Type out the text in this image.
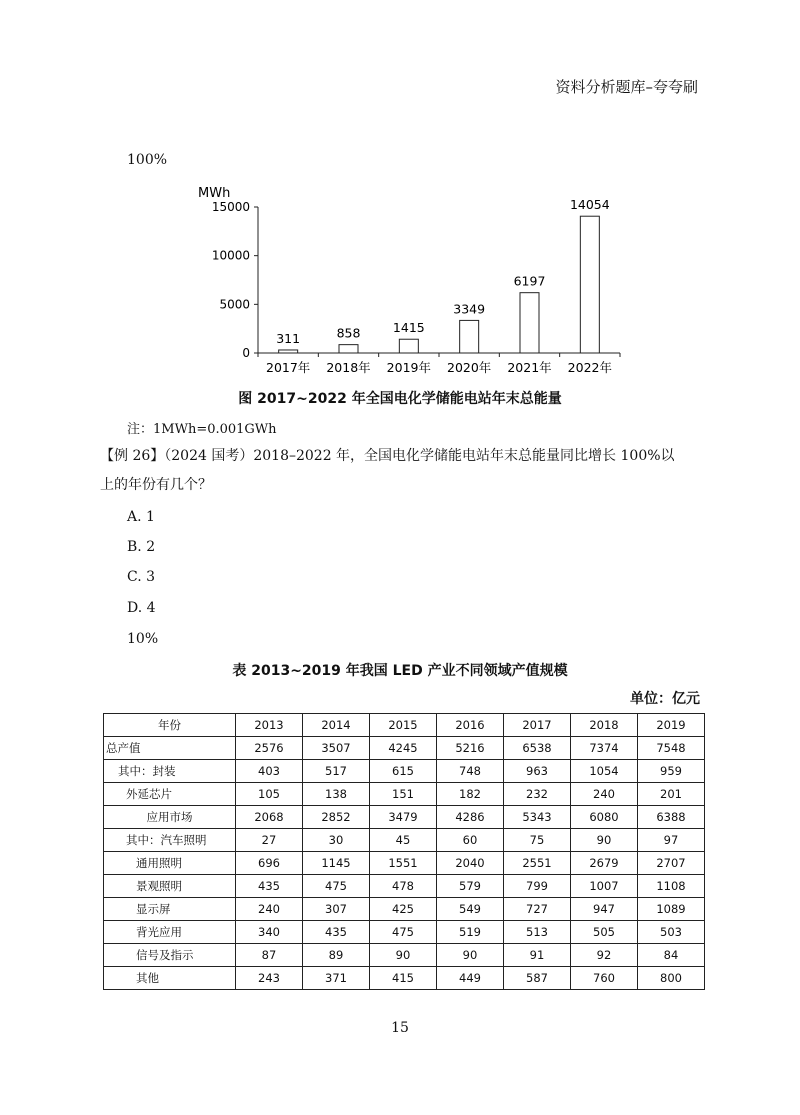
资料分析题库–夸夸刷
100%
MWh
0
5000
10000
15000
311	858	1415
3349
6197
14054
2017年 2018年 2019年 2020年 2021年 2022年
图 2017~2022 年全国电化学储能电站年末总能量
注：1MWh=0.001GWh
【例 26】（2024 国考）2018–2022 年，全国电化学储能电站年末总能量同比增长 100%以
上的年份有几个？
A. 1
B. 2
C. 3
D. 4
10%
表 2013~2019 年我国 LED 产业不同领域产值规模
单位：亿元
年份	2013	2014	2015	2016	2017	2018	2019
总产值	2576	3507	4245	5216	6538	7374	7548
其中：封装	403	517	615	748	963	1054	959
外延芯片	105	138	151	182	232	240	201
应用市场	2068	2852	3479	4286	5343	6080	6388
其中：汽车照明	27	30	45	60	75	90	97
通用照明	696	1145	1551	2040	2551	2679	2707
景观照明	435	475	478	579	799	1007	1108
显示屏	240	307	425	549	727	947	1089
背光应用	340	435	475	519	513	505	503
信号及指示	87	89	90	90	91	92	84
其他	243	371	415	449	587	760	800
15
